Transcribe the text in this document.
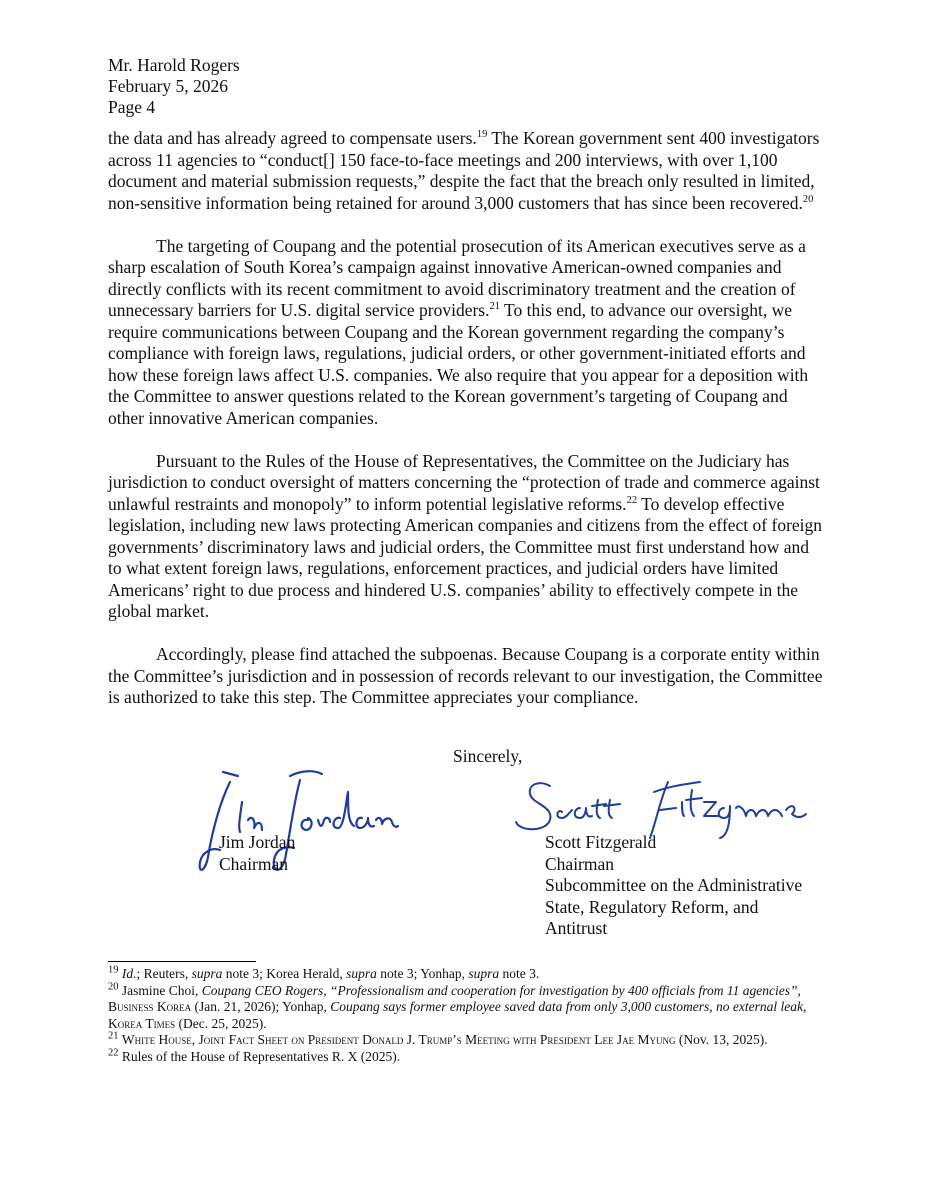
Mr. Harold Rogers
February 5, 2026
Page 4

the data and has already agreed to compensate users.$^{19}$ The Korean government sent 400 investigators across 11 agencies to “conduct[] 150 face-to-face meetings and 200 interviews, with over 1,100 document and material submission requests,” despite the fact that the breach only resulted in limited, non-sensitive information being retained for around 3,000 customers that has since been recovered.$^{20}$

The targeting of Coupang and the potential prosecution of its American executives serve as a sharp escalation of South Korea’s campaign against innovative American-owned companies and directly conflicts with its recent commitment to avoid discriminatory treatment and the creation of unnecessary barriers for U.S. digital service providers.$^{21}$ To this end, to advance our oversight, we require communications between Coupang and the Korean government regarding the company’s compliance with foreign laws, regulations, judicial orders, or other government-initiated efforts and how these foreign laws affect U.S. companies. We also require that you appear for a deposition with the Committee to answer questions related to the Korean government’s targeting of Coupang and other innovative American companies.

Pursuant to the Rules of the House of Representatives, the Committee on the Judiciary has jurisdiction to conduct oversight of matters concerning the “protection of trade and commerce against unlawful restraints and monopoly” to inform potential legislative reforms.$^{22}$ To develop effective legislation, including new laws protecting American companies and citizens from the effect of foreign governments’ discriminatory laws and judicial orders, the Committee must first understand how and to what extent foreign laws, regulations, enforcement practices, and judicial orders have limited Americans’ right to due process and hindered U.S. companies’ ability to effectively compete in the global market.

Accordingly, please find attached the subpoenas. Because Coupang is a corporate entity within the Committee’s jurisdiction and in possession of records relevant to our investigation, the Committee is authorized to take this step. The Committee appreciates your compliance.

Sincerely,
Jim Jordan
Chairman
Scott Fitzgerald
Chairman
Subcommittee on the Administrative
State, Regulatory Reform, and
Antitrust
$^{19}$ Id.; Reuters, supra note 3; Korea Herald, supra note 3; Yonhap, supra note 3.
$^{20}$ Jasmine Choi, Coupang CEO Rogers, “Professionalism and cooperation for investigation by 400 officials from 11 agencies”, Business Korea (Jan. 21, 2026); Yonhap, Coupang says former employee saved data from only 3,000 customers, no external leak, Korea Times (Dec. 25, 2025).
$^{21}$ White House, Joint Fact Sheet on President Donald J. Trump’s Meeting with President Lee Jae Myung (Nov. 13, 2025).
$^{22}$ Rules of the House of Representatives R. X (2025).
